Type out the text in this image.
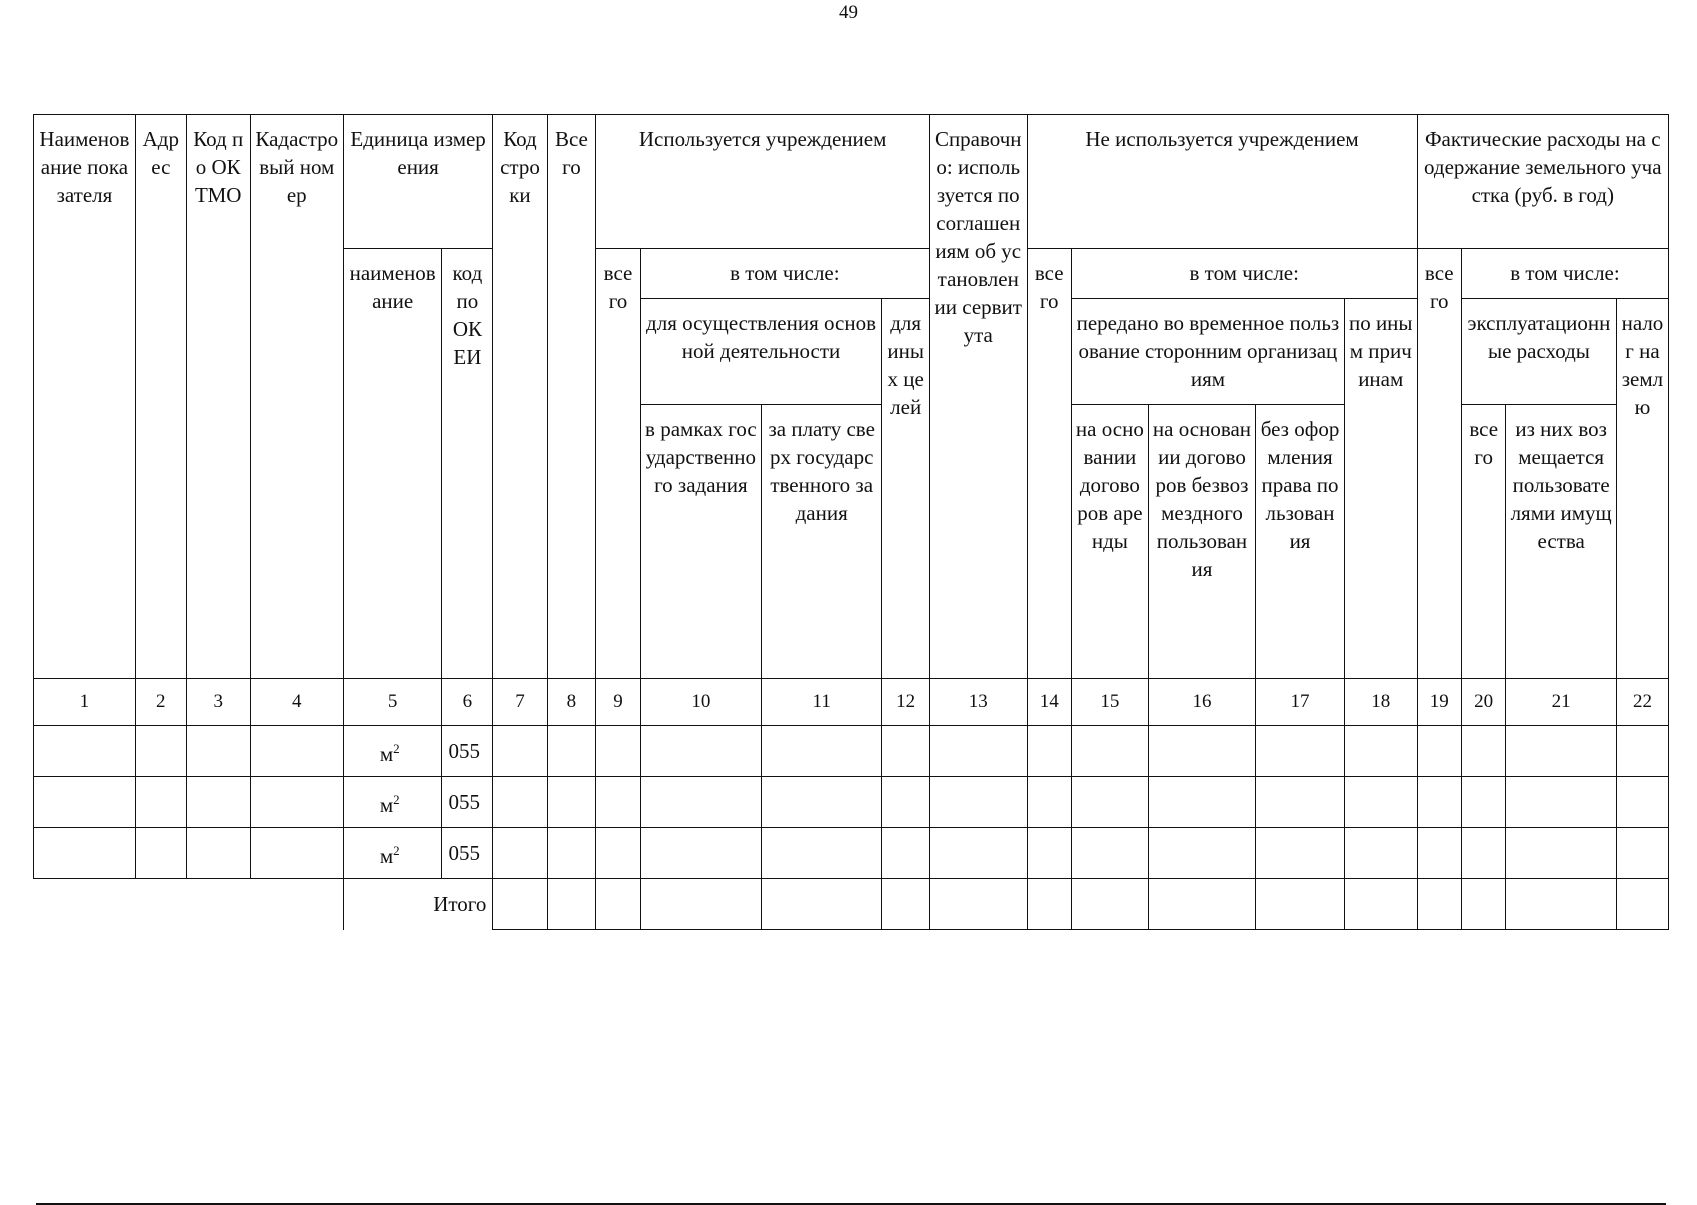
49
Наименование показателя	Адрес	Код по ОКТМО	Кадастровый номер	Единица измерения		Код строки	Всего	Используется учреждением				Справочно: используется по соглашениям об установлении сервитута	Не используется учреждением					Фактические расходы на содержание земельного участка (руб. в год)			
				наименование	код по ОКЕИ			всего	в том числе:				всего	в том числе:				всего	в том числе:		
									для осуществления основной деятельности		для иных целей			передано во временное пользование сторонним организациям			по иным причинам		эксплуатационные расходы		налог на землю
									в рамках государственного задания	за плату сверх государственного задания				на основании договоров аренды	на основании договоров безвозмездного пользования	без оформления права пользования			всего	из них возмещается пользователями имущества	
1	2	3	4	5	6	7	8	9	10	11	12	13	14	15	16	17	18	19	20	21	22
				$м^2$	055																
				$м^2$	055																
				$м^2$	055																
				Итого																	
